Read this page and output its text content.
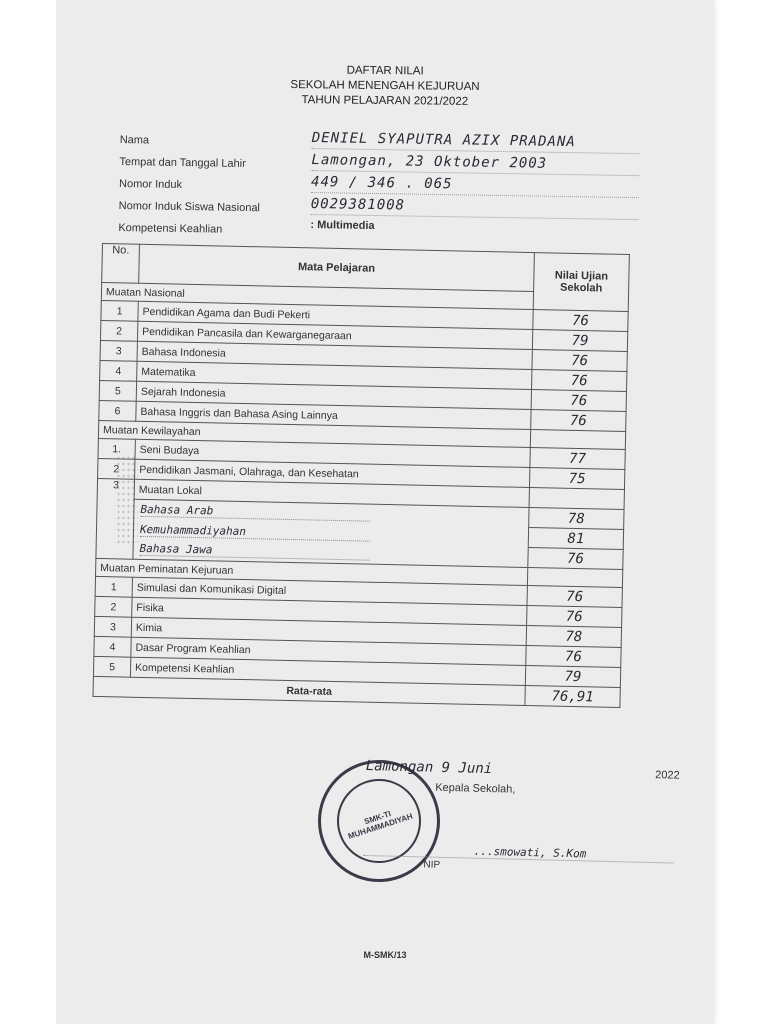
DAFTAR NILAI
SEKOLAH MENENGAH KEJURUAN
TAHUN PELAJARAN 2021/2022
Nama	DENIEL SYAPUTRA AZIX PRADANA
Tempat dan Tanggal Lahir	Lamongan, 23 Oktober 2003
Nomor Induk	449 / 346 . 065
Nomor Induk Siswa Nasional	0029381008
Kompetensi Keahlian	: Multimedia
No.	Mata Pelajaran	Nilai Ujian Sekolah
Muatan Nasional		
1	Pendidikan Agama dan Budi Pekerti	76
2	Pendidikan Pancasila dan Kewarganegaraan	79
3	Bahasa Indonesia	76
4	Matematika	76
5	Sejarah Indonesia	76
6	Bahasa Inggris dan Bahasa Asing Lainnya	76
Muatan Kewilayahan		
1.	Seni Budaya	77
2	Pendidikan Jasmani, Olahraga, dan Kesehatan	75
3	Muatan Lokal	
	Bahasa Arab	78
	Kemuhammadiyahan	81
	Bahasa Jawa	76
Muatan Peminatan Kejuruan		
1	Simulasi dan Komunikasi Digital	76
2	Fisika	76
3	Kimia	78
4	Dasar Program Keahlian	76
5	Kompetensi Keahlian	79
Rata-rata		76,91
SMK-TI MUHAMMADIYAH
Lamongan 9 Juni	2022
Kepala Sekolah,
...smowati, S.Kom
NIP
M-SMK/13
